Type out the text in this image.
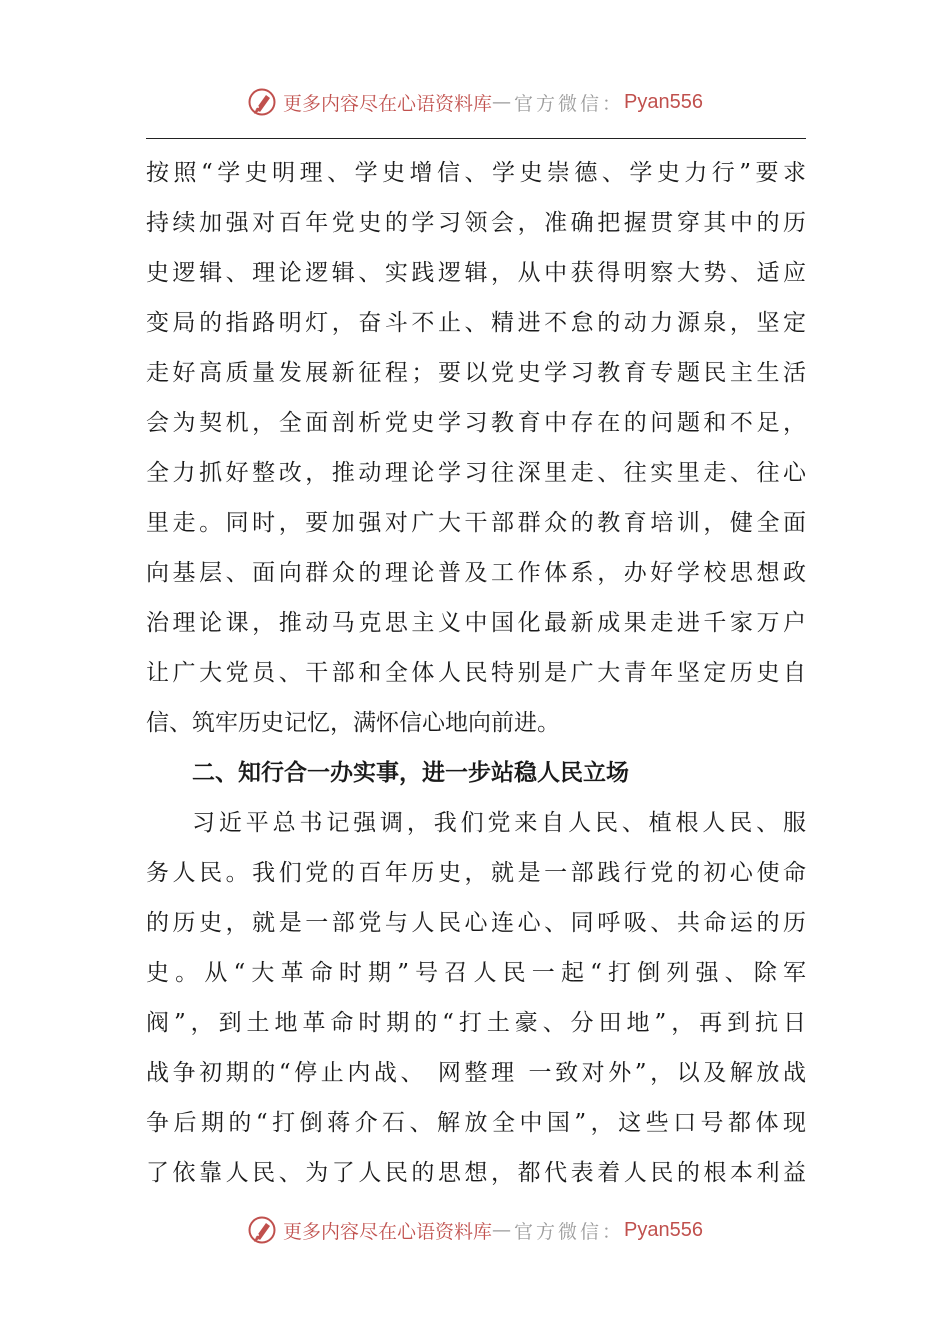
更多内容尽在心语资料库 — 官方微信： Pyan556
按照“学史明理、学史增信、学史崇德、学史力行”要求
持续加强对百年党史的学习领会，准确把握贯穿其中的历
史逻辑、理论逻辑、实践逻辑，从中获得明察大势、适应
变局的指路明灯，奋斗不止、精进不怠的动力源泉，坚定
走好高质量发展新征程；要以党史学习教育专题民主生活
会为契机，全面剖析党史学习教育中存在的问题和不足，
全力抓好整改，推动理论学习往深里走、往实里走、往心
里走。同时，要加强对广大干部群众的教育培训，健全面
向基层、面向群众的理论普及工作体系，办好学校思想政
治理论课，推动马克思主义中国化最新成果走进千家万户
让广大党员、干部和全体人民特别是广大青年坚定历史自
信、筑牢历史记忆，满怀信心地向前进。
二、知行合一办实事，进一步站稳人民立场
习近平总书记强调，我们党来自人民、植根人民、服
务人民。我们党的百年历史，就是一部践行党的初心使命
的历史，就是一部党与人民心连心、同呼吸、共命运的历
史。从“大革命时期”号召人民一起“打倒列强、除军
阀”，到土地革命时期的“打土豪、分田地”，再到抗日
战争初期的“停止内战、 网整理 一致对外”，以及解放战
争后期的“打倒蒋介石、解放全中国”，这些口号都体现
了依靠人民、为了人民的思想，都代表着人民的根本利益
更多内容尽在心语资料库 — 官方微信： Pyan556
